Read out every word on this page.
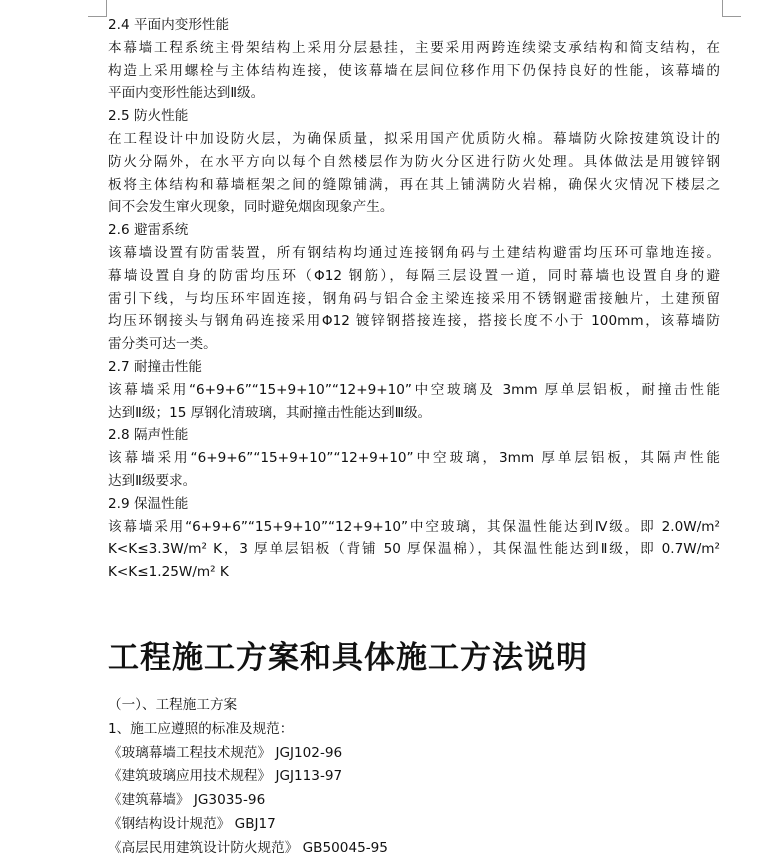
2.4 平面内变形性能
本幕墙工程系统主骨架结构上采用分层悬挂，主要采用两跨连续梁支承结构和简支结构，在
构造上采用螺栓与主体结构连接，使该幕墙在层间位移作用下仍保持良好的性能，该幕墙的
平面内变形性能达到Ⅱ级。
2.5 防火性能
在工程设计中加设防火层，为确保质量，拟采用国产优质防火棉。幕墙防火除按建筑设计的
防火分隔外，在水平方向以每个自然楼层作为防火分区进行防火处理。具体做法是用镀锌钢
板将主体结构和幕墙框架之间的缝隙铺满，再在其上铺满防火岩棉，确保火灾情况下楼层之
间不会发生窜火现象，同时避免烟囱现象产生。
2.6 避雷系统
该幕墙设置有防雷装置，所有钢结构均通过连接钢角码与土建结构避雷均压环可靠地连接。
幕墙设置自身的防雷均压环（Φ12 钢筋），每隔三层设置一道，同时幕墙也设置自身的避
雷引下线，与均压环牢固连接，钢角码与铝合金主梁连接采用不锈钢避雷接触片，土建预留
均压环钢接头与钢角码连接采用Φ12 镀锌钢搭接连接，搭接长度不小于 100mm，该幕墙防
雷分类可达一类。
2.7 耐撞击性能
该幕墙采用“6+9+6”“15+9+10”“12+9+10”中空玻璃及 3mm 厚单层铝板，耐撞击性能
达到Ⅱ级；15 厚钢化清玻璃，其耐撞击性能达到Ⅲ级。
2.8 隔声性能
该幕墙采用“6+9+6”“15+9+10”“12+9+10”中空玻璃，3mm 厚单层铝板，其隔声性能
达到Ⅱ级要求。
2.9 保温性能
该幕墙采用“6+9+6”“15+9+10”“12+9+10”中空玻璃，其保温性能达到Ⅳ级。即 2.0W/m²
K<K≤3.3W/m² K，3 厚单层铝板（背铺 50 厚保温棉），其保温性能达到Ⅱ级，即 0.7W/m²
K<K≤1.25W/m² K
工程施工方案和具体施工方法说明
（一）、工程施工方案
1、施工应遵照的标准及规范：
《玻璃幕墙工程技术规范》 JGJ102-96
《建筑玻璃应用技术规程》 JGJ113-97
《建筑幕墙》 JG3035-96
《钢结构设计规范》 GBJ17
《高层民用建筑设计防火规范》 GB50045-95
